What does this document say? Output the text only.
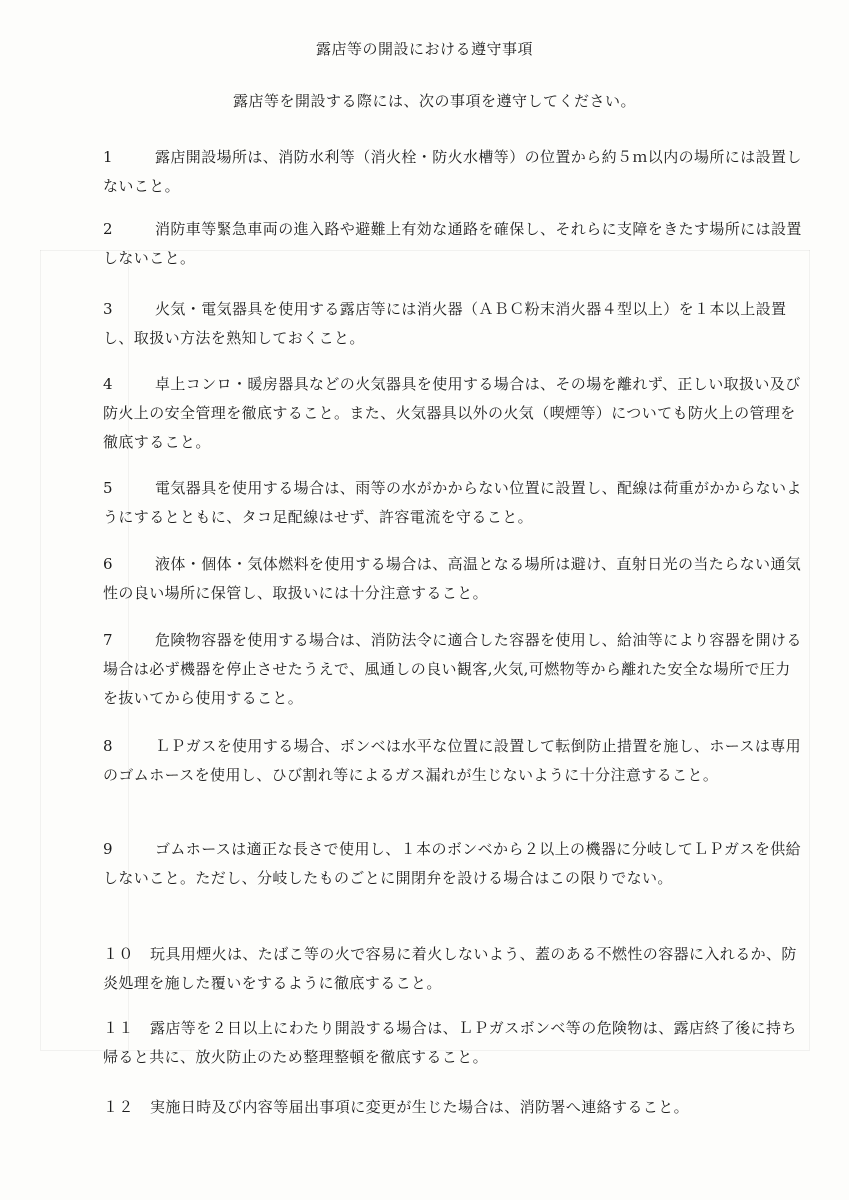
露店等の開設における遵守事項
露店等を開設する際には、次の事項を遵守してください。
1	露店開設場所は、消防水利等（消火栓・防火水槽等）の位置から約５ｍ以内の場所には設置しないこと。
2	消防車等緊急車両の進入路や避難上有効な通路を確保し、それらに支障をきたす場所には設置しないこと。
3	火気・電気器具を使用する露店等には消火器（ＡＢＣ粉末消火器４型以上）を１本以上設置し、取扱い方法を熟知しておくこと。
4	卓上コンロ・暖房器具などの火気器具を使用する場合は、その場を離れず、正しい取扱い及び防火上の安全管理を徹底すること。また、火気器具以外の火気（喫煙等）についても防火上の管理を徹底すること。
5	電気器具を使用する場合は、雨等の水がかからない位置に設置し、配線は荷重がかからないようにするとともに、タコ足配線はせず、許容電流を守ること。
6	液体・個体・気体燃料を使用する場合は、高温となる場所は避け、直射日光の当たらない通気性の良い場所に保管し、取扱いには十分注意すること。
7	危険物容器を使用する場合は、消防法令に適合した容器を使用し、給油等により容器を開ける場合は必ず機器を停止させたうえで、風通しの良い観客,火気,可燃物等から離れた安全な場所で圧力を抜いてから使用すること。
8	ＬＰガスを使用する場合、ボンベは水平な位置に設置して転倒防止措置を施し、ホースは専用のゴムホースを使用し、ひび割れ等によるガス漏れが生じないように十分注意すること。
9	ゴムホースは適正な長さで使用し、１本のボンベから２以上の機器に分岐してＬＰガスを供給しないこと。ただし、分岐したものごとに開閉弁を設ける場合はこの限りでない。
１０ 玩具用煙火は、たばこ等の火で容易に着火しないよう、蓋のある不燃性の容器に入れるか、防炎処理を施した覆いをするように徹底すること。
１１ 露店等を２日以上にわたり開設する場合は、ＬＰガスボンベ等の危険物は、露店終了後に持ち帰ると共に、放火防止のため整理整頓を徹底すること。
１２ 実施日時及び内容等届出事項に変更が生じた場合は、消防署へ連絡すること。
